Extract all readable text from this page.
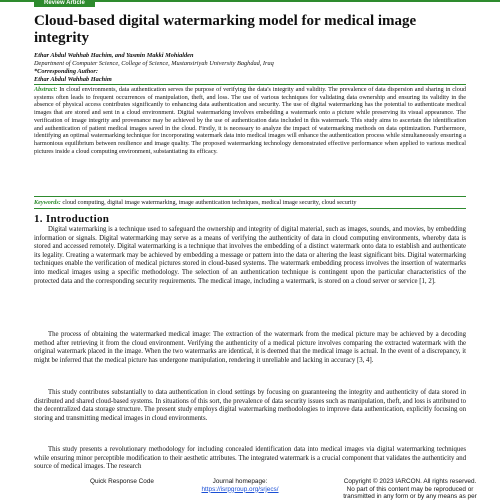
Review Article
Cloud-based digital watermarking model for medical image integrity
Ethar Abdul Wahhab Hachim, and Yasmin Makki Mohialden
Department of Computer Science, College of Science, Mustansiriyah University Baghdad, Iraq
*Corresponding Author:
Ethar Abdul Wahhab Hachim
Abstract: In cloud environments, data authentication serves the purpose of verifying the data's integrity and validity. The prevalence of data dispersion and sharing in cloud systems often leads to frequent occurrences of manipulation, theft, and loss. The use of various techniques for validating data ownership and ensuring its validity in the absence of physical access contributes significantly to enhancing data authentication and security. The use of digital watermarking has the potential to authenticate medical images that are stored and sent in a cloud environment. Digital watermarking involves embedding a watermark onto a picture while preserving its visual appearance. The verification of image integrity and provenance may be achieved by the use of authentication data included in this watermark. This study aims to ascertain the identification and authentication of patient medical images saved in the cloud. Firstly, it is necessary to analyze the impact of watermarking methods on data optimization. Furthermore, identifying an optimal watermarking technique for incorporating watermark data into medical images will enhance the authentication process while simultaneously ensuring a harmonious equilibrium between resilience and image quality. The proposed watermarking technology demonstrated effective performance when applied to various medical pictures inside a cloud computing environment, substantiating its efficacy.
Keywords: cloud computing, digital image watermarking, image authentication techniques, medical image security, cloud security
1. Introduction
Digital watermarking is a technique used to safeguard the ownership and integrity of digital material, such as images, sounds, and movies, by embedding information or signals. Digital watermarking may serve as a means of verifying the authenticity of data in cloud computing environments, whereby data is stored and accessed remotely. Digital watermarking is a technique that involves the embedding of a distinct watermark onto data to establish and authenticate its legality. Creating a watermark may be achieved by embedding a message or pattern into the data or altering the least significant bits. Digital watermarking techniques enable the verification of medical pictures stored in cloud-based systems. The watermark embedding process involves the insertion of watermarks into medical images using a specific methodology. The selection of an authentication technique is contingent upon the particular characteristics of the protected data and the corresponding security requirements. The medical image, including a watermark, is stored on a cloud server or service [1, 2].
The process of obtaining the watermarked medical image: The extraction of the watermark from the medical picture may be achieved by a decoding method after retrieving it from the cloud environment. Verifying the authenticity of a medical picture involves comparing the extracted watermark with the original watermark placed in the image. When the two watermarks are identical, it is deemed that the medical image is actual. In the event of a discrepancy, it might be inferred that the medical picture has undergone manipulation, rendering it unreliable and lacking in accuracy [3, 4].
This study contributes substantially to data authentication in cloud settings by focusing on guaranteeing the integrity and authenticity of data stored in distributed and shared cloud-based systems. In situations of this sort, the prevalence of data security issues such as manipulation, theft, and loss is attributed to the decentralized data storage structure. The present study employs digital watermarking methodologies to improve data authentication, explicitly focusing on storing and transmitting medical images in cloud environments.
This study presents a revolutionary methodology for including concealed identification data into medical images via digital watermarking techniques while ensuring minor perceptible modification to their aesthetic attributes. The integrated watermark is a crucial component that validates the authenticity and source of medical images. The research
Quick Response Code	Journal homepage:
https://isrpgroup.org/srjecs/
Copyright © 2023 IARCON. All rights reserved.
No part of this content may be reproduced or
transmitted in any form or by any means as per
